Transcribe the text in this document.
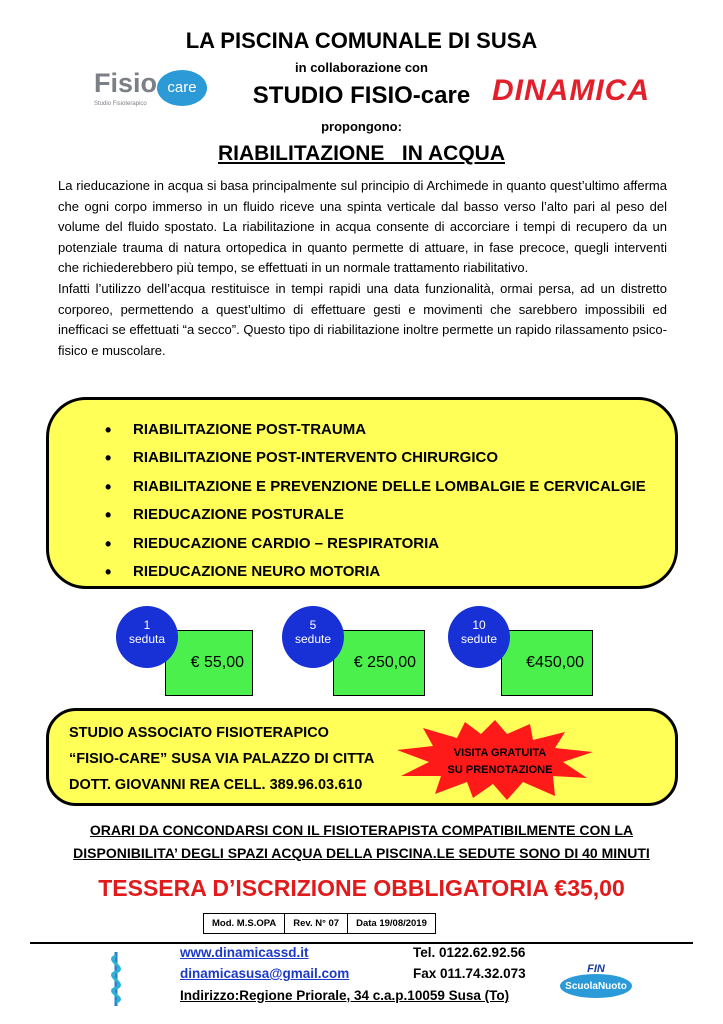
LA PISCINA COMUNALE DI SUSA
in collaborazione con
STUDIO FISIO-care
propongono:
RIABILITAZIONE   IN ACQUA
Fisio care
Studio Fisioterapico	DINAMICA

La rieducazione in acqua si basa principalmente sul principio di Archimede in quanto quest’ultimo afferma che ogni corpo immerso in un fluido riceve una spinta verticale dal basso verso l’alto pari al peso del volume del fluido spostato. La riabilitazione in acqua consente di accorciare i tempi di recupero da un potenziale trauma di natura ortopedica in quanto permette di attuare, in fase precoce, quegli interventi che richiederebbero più tempo, se effettuati in un normale trattamento riabilitativo.

Infatti l’utilizzo dell’acqua restituisce in tempi rapidi una data funzionalità, ormai persa, ad un distretto corporeo, permettendo a quest’ultimo di effettuare gesti e movimenti che sarebbero impossibili ed inefficaci se effettuati “a secco”. Questo tipo di riabilitazione inoltre permette un rapido rilassamento psico-fisico e muscolare.

• RIABILITAZIONE POST-TRAUMA
• RIABILITAZIONE POST-INTERVENTO CHIRURGICO
• RIABILITAZIONE E PREVENZIONE DELLE LOMBALGIE E CERVICALGIE
• RIEDUCAZIONE POSTURALE
• RIEDUCAZIONE CARDIO – RESPIRATORIA
• RIEDUCAZIONE NEURO MOTORIA
€ 55,00
1
seduta
€ 250,00
5
sedute
€450,00
10
sedute
STUDIO ASSOCIATO FISIOTERAPICO
“FISIO-CARE” SUSA VIA PALAZZO DI CITTA
DOTT. GIOVANNI REA CELL. 389.96.03.610
VISITA GRATUITA
SU PRENOTAZIONE
ORARI DA CONCONDARSI CON IL FISIOTERAPISTA COMPATIBILMENTE CON LA
DISPONIBILITA’ DEGLI SPAZI ACQUA DELLA PISCINA.LE SEDUTE SONO DI 40 MINUTI
TESSERA D’ISCRIZIONE OBBLIGATORIA €35,00
Mod. M.S.OPA	Rev. N° 07	Data 19/08/2019
www.dinamicassd.it
dinamicasusa@gmail.com
Indirizzo:Regione Priorale, 34 c.a.p.10059 Susa (To)
Tel. 0122.62.92.56
Fax 011.74.32.073	FIN
ScuolaNuoto
